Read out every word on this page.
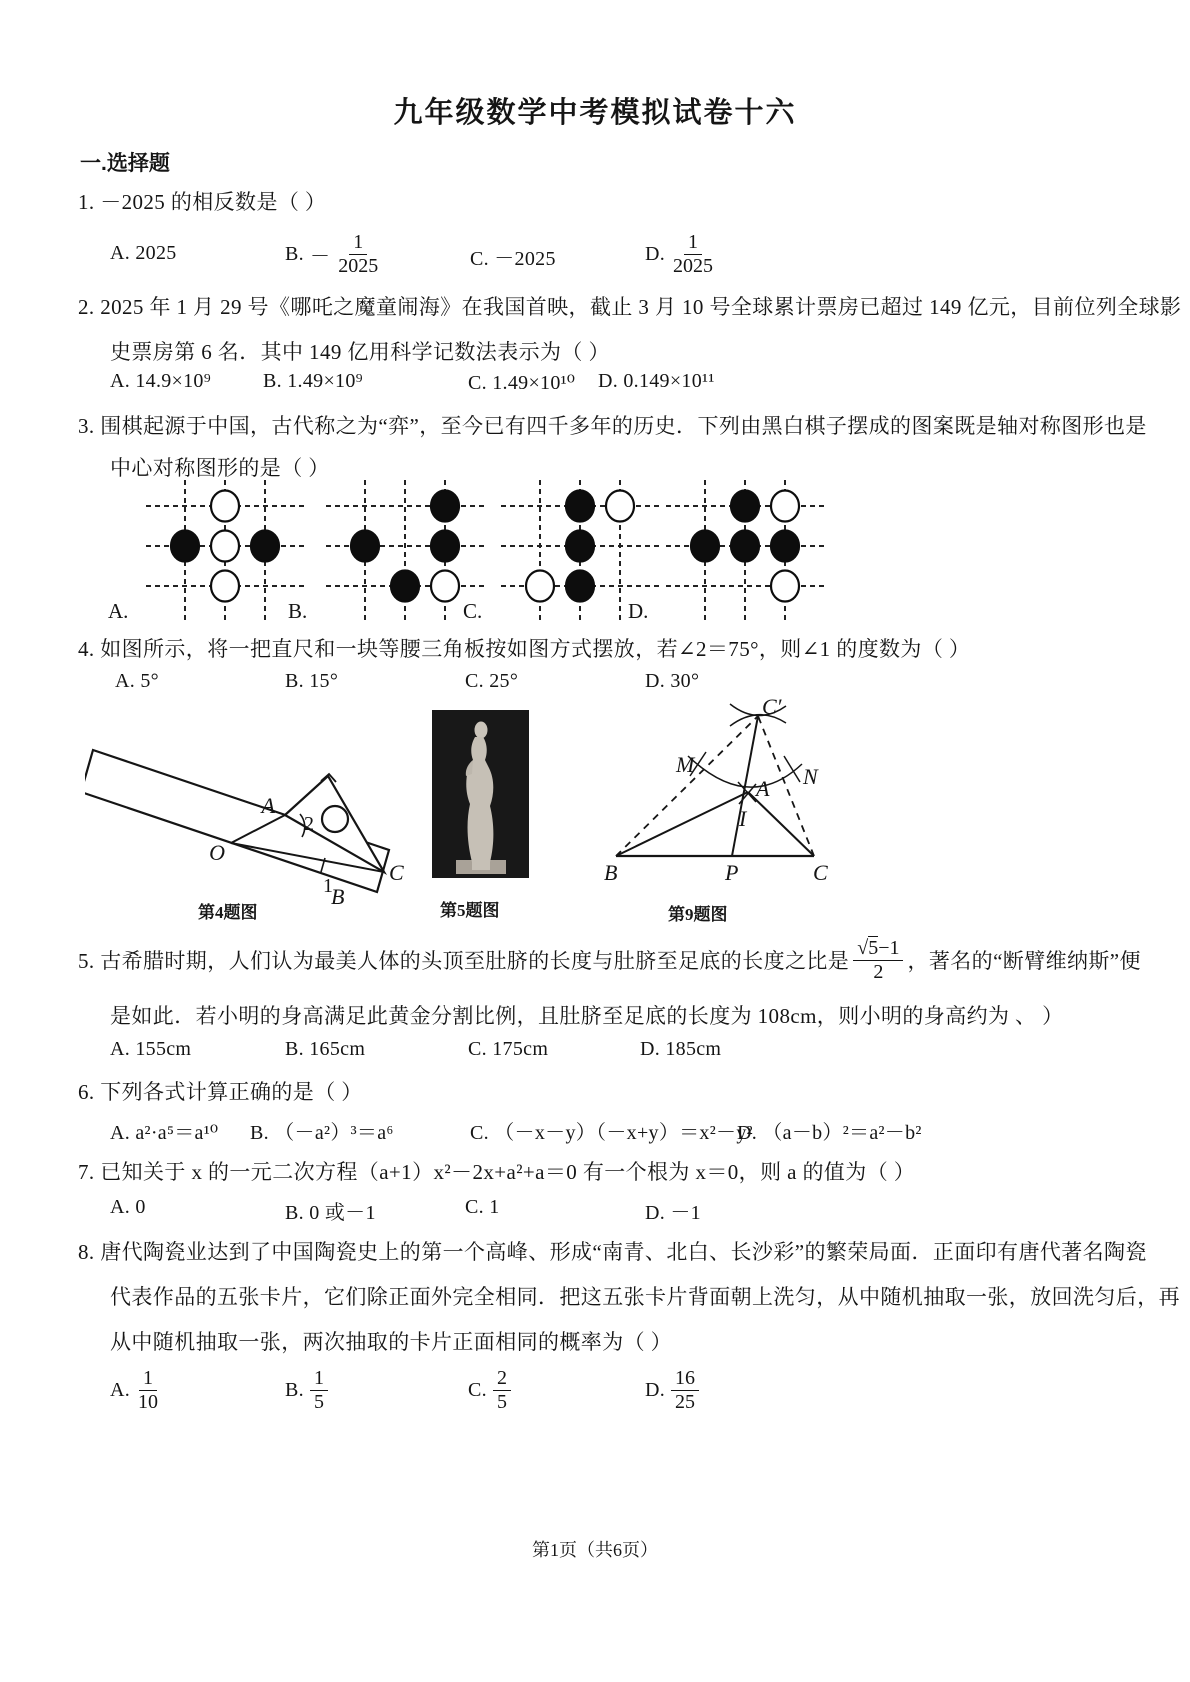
九年级数学中考模拟试卷十六
一.选择题
1. －2025 的相反数是（ ）
A. 2025	B. － $\frac{1}{2025}$	C. －2025	D. $\frac{1}{2025}$
2. 2025 年 1 月 29 号《哪吒之魔童闹海》在我国首映，截止 3 月 10 号全球累计票房已超过 149 亿元，目前位列全球影
史票房第 6 名．其中 149 亿用科学记数法表示为（ ）
A. 14.9×10⁹	B. 1.49×10⁹	C. 1.49×10¹⁰ D. 0.149×10¹¹
3. 围棋起源于中国，古代称之为“弈”，至今已有四千多年的历史．下列由黑白棋子摆成的图案既是轴对称图形也是
中心对称图形的是（ ）
A.	B.	C.	D.
4. 如图所示，将一把直尺和一块等腰三角板按如图方式摆放，若∠2＝75°，则∠1 的度数为（ ）
A. 5°	B. 15°	C. 25°	D. 30°
A
2
O
1
C
B
C′
M	N
A
I
B	P	C
第4题图	第5题图	第9题图
5. 古希腊时期，人们认为最美人体的头顶至肚脐的长度与肚脐至足底的长度之比是 $\frac{√5-1}{2}$ ，著名的“断臂维纳斯”便
是如此．若小明的身高满足此黄金分割比例，且肚脐至足底的长度为 108cm，则小明的身高约为 、 ）
A. 155cm	B. 165cm	C. 175cm	D. 185cm
6. 下列各式计算正确的是（ ）
A. a²·a⁵＝a¹⁰ B. （－a²）³＝a⁶	C. （－x－y）（－x+y）＝x²－y²
D. （a－b）²＝a²－b²
7. 已知关于 x 的一元二次方程（a+1）x²－2x+a²+a＝0 有一个根为 x＝0，则 a 的值为（ ）
A. 0	B. 0 或－1	C. 1	D. －1
8. 唐代陶瓷业达到了中国陶瓷史上的第一个高峰、形成“南青、北白、长沙彩”的繁荣局面．正面印有唐代著名陶瓷
代表作品的五张卡片，它们除正面外完全相同．把这五张卡片背面朝上洗匀，从中随机抽取一张，放回洗匀后，再
从中随机抽取一张，两次抽取的卡片正面相同的概率为（ ）
A. $\frac{1}{10}$	B. $\frac{1}{5}$	C. $\frac{2}{5}$	D. $\frac{16}{25}$
第1页（共6页）
